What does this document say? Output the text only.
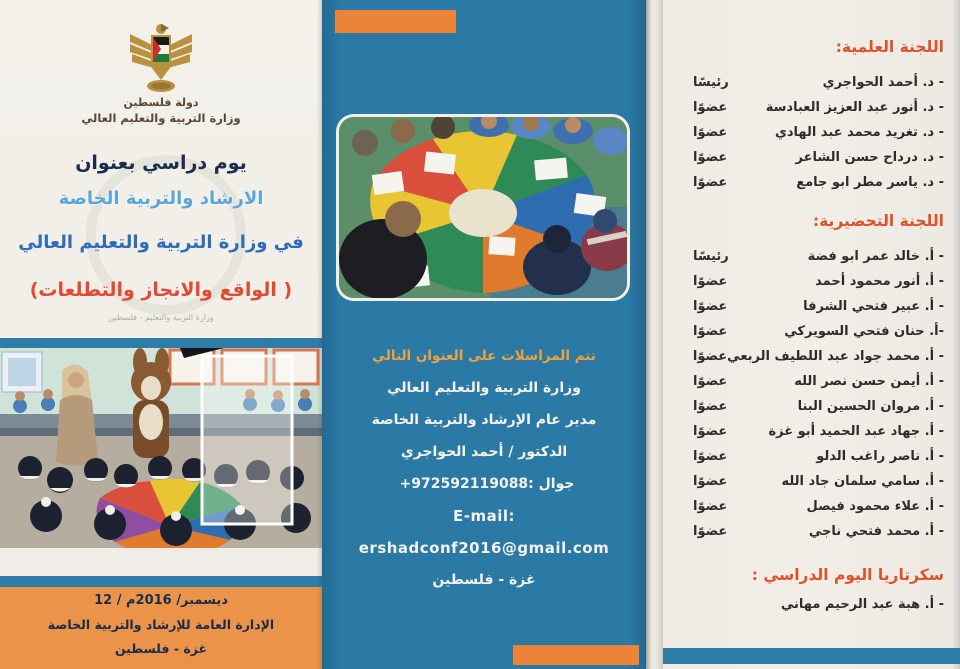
دولة فلسطين
وزارة التربية والتعليم العالي
يوم دراسي بعنوان
الارشاد والتربية الخاصة
في وزارة التربية والتعليم العالي
( الواقع والانجاز والتطلعات)
وزارة التربية والتعليم - فلسطين
12 / ديسمبر/ 2016م
الإدارة العامة للإرشاد والتربية الخاصة
غزة - فلسطين
تتم المراسلات على العنوان التالي
وزارة التربية والتعليم العالي
مدير عام الإرشاد والتربية الخاصة
الدكتور / أحمد الحواجري
جوال :
+972592119088
E-mail:
ershadconf2016@gmail.com
غزة - فلسطين
اللجنة العلمية:
- د. أحمد الحواجري
رئيسًا
- د. أنور عبد العزيز العبادسة
عضوًا
- د. تغريد محمد عبد الهادي
عضوًا
- د. درداح حسن الشاعر
عضوًا
- د. ياسر مطر ابو جامع
عضوًا
اللجنة التحضيرية:
- أ. خالد عمر ابو فضة
رئيسًا
- أ. أنور محمود أحمد
عضوًا
- أ. عبير فتحي الشرفا
عضوًا
-أ. حنان فتحي السويركي
عضوًا
- أ. محمد جواد عبد اللطيف الربعي
عضوًا
- أ. أيمن حسن نصر الله
عضوًا
- أ. مروان الحسين البنا
عضوًا
- أ. جهاد عبد الحميد أبو غزة
عضوًا
- أ. ناصر راغب الدلو
عضوًا
- أ. سامي سلمان جاد الله
عضوًا
- أ. علاء محمود فيصل
عضوًا
- أ. محمد فتحي ناجي
عضوًا
سكرتاريا اليوم الدراسي :
- أ. هبة عبد الرحيم مهاني
